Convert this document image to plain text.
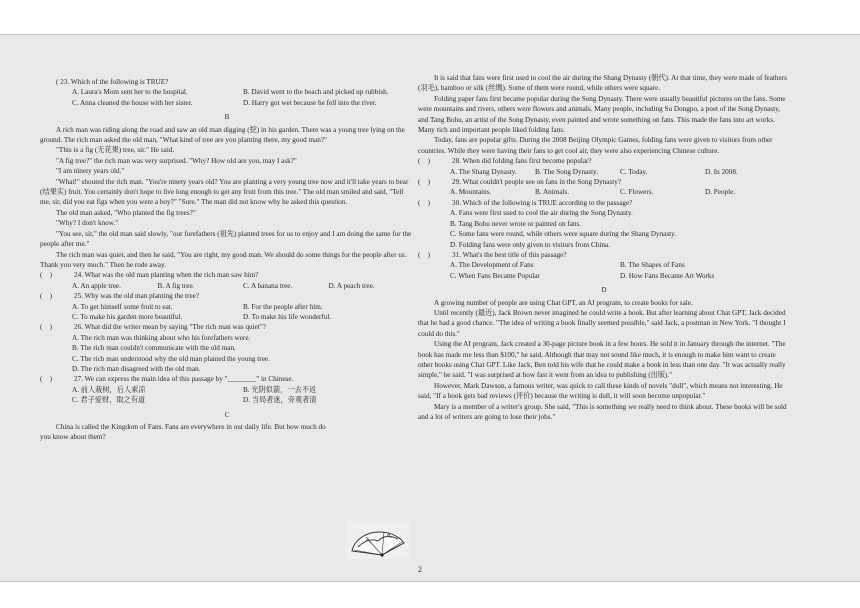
( 23. Which of the following is TRUE?

A. Laura's Mom sent her to the hospital.	B. David went to the beach and picked up rubbish.
C. Anna cleaned the house with her sister.	D. Harry got wet because he fell into the river.

B

A rich man was riding along the road and saw an old man digging (挖) in his garden. There was a young tree lying on the ground. The rich man asked the old man, "What kind of tree are you planting there, my good man?"

"This is a fig (无花果) tree, sir." He said.

"A fig tree?" the rich man was very surprised. "Why? How old are you, may I ask?"

"I am ninety years old."

"What!" shouted the rich man. "You're ninety years old? You are planting a very young tree now and it'll take years to bear (结果实) fruit. You certainly don't hope to live long enough to get any fruit from this tree." The old man smiled and said, "Tell me, sir, did you eat figs when you were a boy?" "Sure." The man did not know why he asked this question.

The old man asked, "Who planted the fig trees?"

"Why? I don't know."

"You see, sir," the old man said slowly, "our forefathers (祖先) planted trees for us to enjoy and I am doing the same for the people after me."

The rich man was quiet, and then he said, "You are right, my good man. We should do some things for the people after us. Thank you very much." Then he rode away.

(    )	24. What was the old man planting when the rich man saw him?
A. An apple tree.	B. A fig tree.	C. A banana tree.	D. A peach tree.
(    )	25. Why was the old man planting the tree?
A. To get himself some fruit to eat.	B. For the people after him.
C. To make his garden more beautiful.	D. To make his life wonderful.
(    )	26. What did the writer mean by saying "The rich man was quiet"?

A. The rich man was thinking about who his forefathers were.

B. The rich man couldn't communicate with the old man.

C. The rich man understood why the old man planted the young tree.

D. The rich man disagreed with the old man.

(    )	27. We can express the main idea of this passage by "________" in Chinese.
A. 前人栽树，后人乘凉	B. 光阴似箭，一去不返
C. 君子爱财，取之有道	D. 当局者迷，旁观者清

C

China is called the Kingdom of Fans. Fans are everywhere in our daily life. But how much do you know about them?

It is said that fans were first used to cool the air during the Shang Dynasty (朝代). At that time, they were made of feathers (羽毛), bamboo or silk (丝绸). Some of them were round, while others were square.

Folding paper fans first became popular during the Song Dynasty. There were usually beautiful pictures on the fans. Some were mountains and rivers, others were flowers and animals. Many people, including Su Dongpo, a poet of the Song Dynasty, and Tang Bohu, an artist of the Song Dynasty, even painted and wrote something on fans. This made the fans into art works. Many rich and important people liked folding fans.

Today, fans are popular gifts. During the 2008 Beijing Olympic Games, folding fans were given to visitors from other countries. While they were having their fans to get cool air, they were also experiencing Chinese culture.

(    )	28. When did folding fans first become popular?
A. The Shang Dynasty.	B. The Song Dynasty.	C. Today.	D. In 2008.
(    )	29. What couldn't people see on fans in the Song Dynasty?
A. Mountains.	B. Animals.	C. Flowers.	D. People.
(    )	30. Which of the following is TRUE according to the passage?

A. Fans were first used to cool the air during the Song Dynasty.

B. Tang Bohu never wrote or painted on fans.

C. Some fans were round, while others were square during the Shang Dynasty.

D. Folding fans were only given to visitors from China.

(    )	31. What's the best title of this passage?
A. The Development of Fans	B. The Shapes of Fans
C. When Fans Became Popular	D. How Fans Became Art Works

D

A growing number of people are using Chat GPT, an AI program, to create books for sale.

Until recently (最近), Jack Brown never imagined he could write a book. But after learning about Chat GPT, Jack decided that he had a good chance. "The idea of writing a book finally seemed possible," said Jack, a postman in New York. "I thought I could do this."

Using the AI program, Jack created a 30-page picture book in a few hours. He sold it in January through the internet. "The book has made me less than $100," he said. Although that may not sound like much, it is enough to make him want to create other books using Chat GPT. Like Jack, Ben told his wife that he could make a book in less than one day. "It was actually really simple," he said. "I was surprised at how fast it went from an idea to publishing (出版)."

However, Mark Dawson, a famous writer, was quick to call these kinds of novels "dull", which means not interesting. He said, "If a book gets bad reviews (评价) because the writing is dull, it will soon become unpopular."

Mary is a member of a writer's group. She said, "This is something we really need to think about. These books will be sold and a lot of writers are going to lose their jobs."

2
